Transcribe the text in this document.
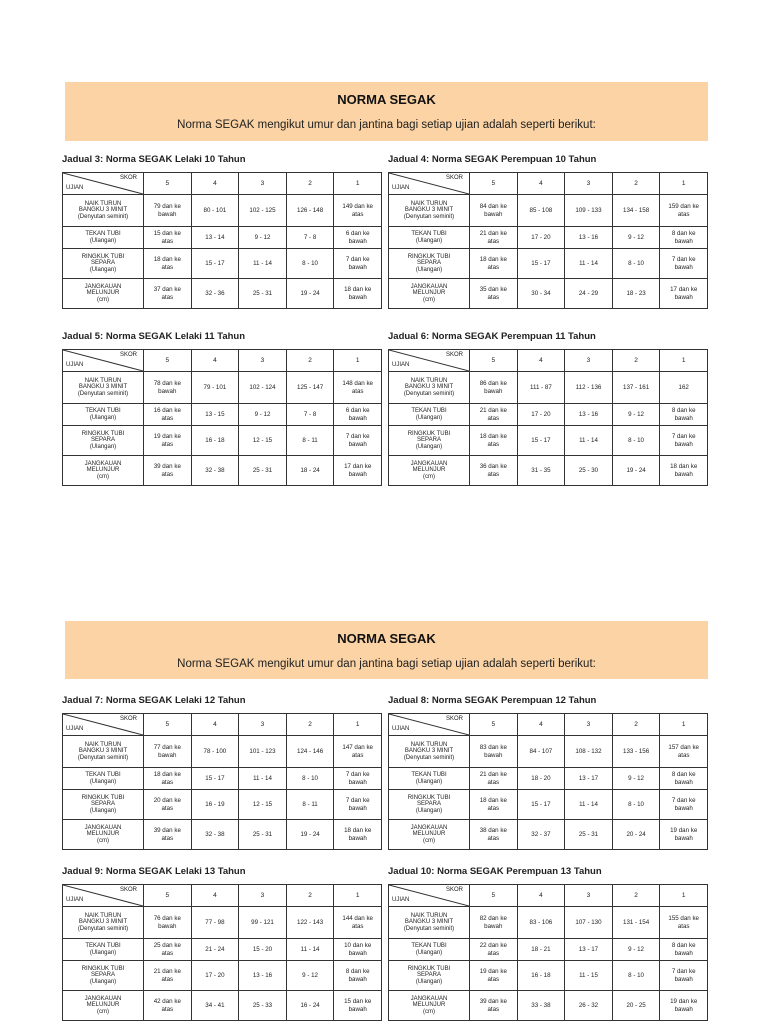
NORMA SEGAK
Norma SEGAK mengikut umur dan jantina bagi setiap ujian adalah seperti berikut:
NORMA SEGAK
Norma SEGAK mengikut umur dan jantina bagi setiap ujian adalah seperti berikut:
Jadual 3: Norma SEGAK Lelaki 10 Tahun
SKOR
UJIAN	5	4	3	2	1
NAIK TURUN
BANGKU 3 MINIT
(Denyutan seminit)	79 dan ke
bawah	80 - 101	102 - 125	126 - 148	149 dan ke
atas
TEKAN TUBI
(Ulangan)	15 dan ke
atas	13 - 14	9 - 12	7 - 8	6 dan ke
bawah
RINGKUK TUBI
SEPARA
(Ulangan)	18 dan ke
atas	15 - 17	11 - 14	8 - 10	7 dan ke
bawah
JANGKAUAN
MELUNJUR
(cm)	37 dan ke
atas	32 - 36	25 - 31	19 - 24	18 dan ke
bawah
Jadual 4: Norma SEGAK Perempuan 10 Tahun
SKOR
UJIAN	5	4	3	2	1
NAIK TURUN
BANGKU 3 MINIT
(Denyutan seminit)	84 dan ke
bawah	85 - 108	109 - 133	134 - 158	159 dan ke
atas
TEKAN TUBI
(Ulangan)	21 dan ke
atas	17 - 20	13 - 16	9 - 12	8 dan ke
bawah
RINGKUK TUBI
SEPARA
(Ulangan)	18 dan ke
atas	15 - 17	11 - 14	8 - 10	7 dan ke
bawah
JANGKAUAN
MELUNJUR
(cm)	35 dan ke
atas	30 - 34	24 - 29	18 - 23	17 dan ke
bawah
Jadual 5: Norma SEGAK Lelaki 11 Tahun
SKOR
UJIAN	5	4	3	2	1
NAIK TURUN
BANGKU 3 MINIT
(Denyutan seminit)	78 dan ke
bawah	79 - 101	102 - 124	125 - 147	148 dan ke
atas
TEKAN TUBI
(Ulangan)	16 dan ke
atas	13 - 15	9 - 12	7 - 8	6 dan ke
bawah
RINGKUK TUBI
SEPARA
(Ulangan)	19 dan ke
atas	16 - 18	12 - 15	8 - 11	7 dan ke
bawah
JANGKAUAN
MELUNJUR
(cm)	39 dan ke
atas	32 - 38	25 - 31	18 - 24	17 dan ke
bawah
Jadual 6: Norma SEGAK Perempuan 11 Tahun
SKOR
UJIAN	5	4	3	2	1
NAIK TURUN
BANGKU 3 MINIT
(Denyutan seminit)	86 dan ke
bawah	111 - 87	112 - 136	137 - 161	162
TEKAN TUBI
(Ulangan)	21 dan ke
atas	17 - 20	13 - 16	9 - 12	8 dan ke
bawah
RINGKUK TUBI
SEPARA
(Ulangan)	18 dan ke
atas	15 - 17	11 - 14	8 - 10	7 dan ke
bawah
JANGKAUAN
MELUNJUR
(cm)	36 dan ke
atas	31 - 35	25 - 30	19 - 24	18 dan ke
bawah
Jadual 7: Norma SEGAK Lelaki 12 Tahun
SKOR
UJIAN	5	4	3	2	1
NAIK TURUN
BANGKU 3 MINIT
(Denyutan seminit)	77 dan ke
bawah	78 - 100	101 - 123	124 - 146	147 dan ke
atas
TEKAN TUBI
(Ulangan)	18 dan ke
atas	15 - 17	11 - 14	8 - 10	7 dan ke
bawah
RINGKUK TUBI
SEPARA
(Ulangan)	20 dan ke
atas	16 - 19	12 - 15	8 - 11	7 dan ke
bawah
JANGKAUAN
MELUNJUR
(cm)	39 dan ke
atas	32 - 38	25 - 31	19 - 24	18 dan ke
bawah
Jadual 8: Norma SEGAK Perempuan 12 Tahun
SKOR
UJIAN	5	4	3	2	1
NAIK TURUN
BANGKU 3 MINIT
(Denyutan seminit)	83 dan ke
bawah	84 - 107	108 - 132	133 - 156	157 dan ke
atas
TEKAN TUBI
(Ulangan)	21 dan ke
atas	18 - 20	13 - 17	9 - 12	8 dan ke
bawah
RINGKUK TUBI
SEPARA
(Ulangan)	18 dan ke
atas	15 - 17	11 - 14	8 - 10	7 dan ke
bawah
JANGKAUAN
MELUNJUR
(cm)	38 dan ke
atas	32 - 37	25 - 31	20 - 24	19 dan ke
bawah
Jadual 9: Norma SEGAK Lelaki 13 Tahun
SKOR
UJIAN	5	4	3	2	1
NAIK TURUN
BANGKU 3 MINIT
(Denyutan seminit)	76 dan ke
bawah	77 - 98	99 - 121	122 - 143	144 dan ke
atas
TEKAN TUBI
(Ulangan)	25 dan ke
atas	21 - 24	15 - 20	11 - 14	10 dan ke
bawah
RINGKUK TUBI
SEPARA
(Ulangan)	21 dan ke
atas	17 - 20	13 - 16	9 - 12	8 dan ke
bawah
JANGKAUAN
MELUNJUR
(cm)	42 dan ke
atas	34 - 41	25 - 33	16 - 24	15 dan ke
bawah
Jadual 10: Norma SEGAK Perempuan 13 Tahun
SKOR
UJIAN	5	4	3	2	1
NAIK TURUN
BANGKU 3 MINIT
(Denyutan seminit)	82 dan ke
bawah	83 - 106	107 - 130	131 - 154	155 dan ke
atas
TEKAN TUBI
(Ulangan)	22 dan ke
atas	18 - 21	13 - 17	9 - 12	8 dan ke
bawah
RINGKUK TUBI
SEPARA
(Ulangan)	19 dan ke
atas	16 - 18	11 - 15	8 - 10	7 dan ke
bawah
JANGKAUAN
MELUNJUR
(cm)	39 dan ke
atas	33 - 38	26 - 32	20 - 25	19 dan ke
bawah
